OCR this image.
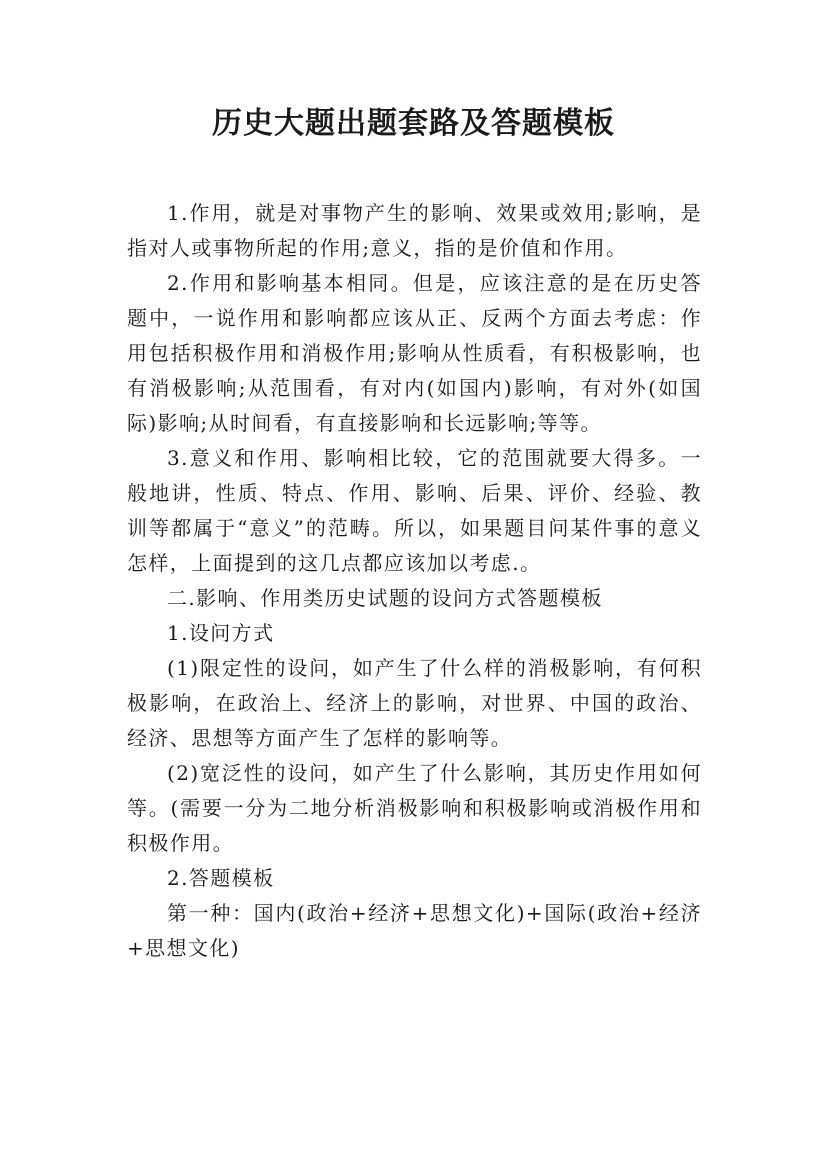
历史大题出题套路及答题模板

1.作用，就是对事物产生的影响、效果或效用;影响，是指对人或事物所起的作用;意义，指的是价值和作用。

2.作用和影响基本相同。但是，应该注意的是在历史答题中，一说作用和影响都应该从正、反两个方面去考虑：作用包括积极作用和消极作用;影响从性质看，有积极影响，也有消极影响;从范围看，有对内(如国内)影响，有对外(如国际)影响;从时间看，有直接影响和长远影响;等等。

3.意义和作用、影响相比较，它的范围就要大得多。一般地讲，性质、特点、作用、影响、后果、评价、经验、教训等都属于“意义”的范畴。所以，如果题目问某件事的意义怎样，上面提到的这几点都应该加以考虑.。

二.影响、作用类历史试题的设问方式答题模板

1.设问方式

(1)限定性的设问，如产生了什么样的消极影响，有何积极影响，在政治上、经济上的影响，对世界、中国的政治、经济、思想等方面产生了怎样的影响等。

(2)宽泛性的设问，如产生了什么影响，其历史作用如何等。(需要一分为二地分析消极影响和积极影响或消极作用和积极作用。

2.答题模板

第一种：国内(政治+经济+思想文化)+国际(政治+经济+思想文化)
